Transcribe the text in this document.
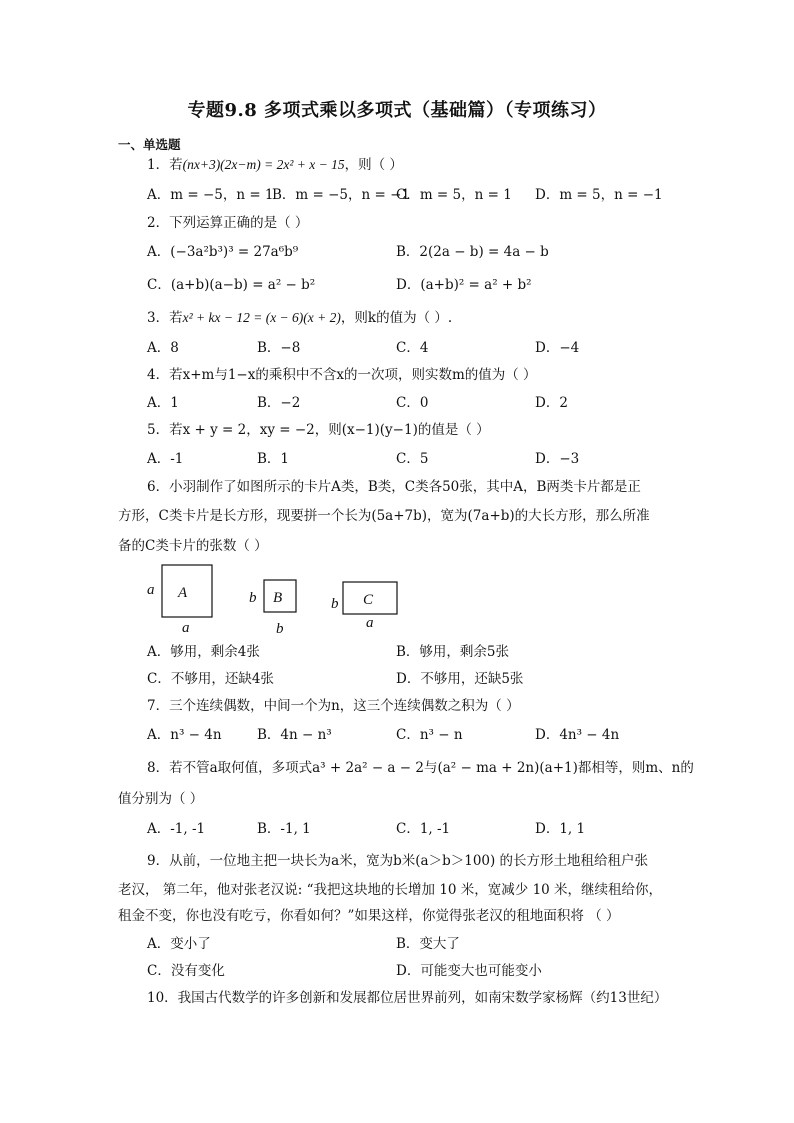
专题9.8 多项式乘以多项式（基础篇）（专项练习）
一、单选题
1．若(nx+3)(2x−m) = 2x² + x − 15，则（ ）
A．m = −5，n = 1
B．m = −5，n = −1
C．m = 5，n = 1 D．m = 5，n = −1
2．下列运算正确的是（ ）
A．(−3a²b³)³ = 27a⁶b⁹	B．2(2a − b) = 4a − b
C．(a+b)(a−b) = a² − b²	D．(a+b)² = a² + b²
3．若x² + kx − 12 = (x − 6)(x + 2)，则k的值为（ ）.
A．8	B．−8	C．4	D．−4
4．若x+m与1−x的乘积中不含x的一次项，则实数m的值为（ ）
A．1	B．−2	C．0	D．2
5．若x + y = 2，xy = −2，则(x−1)(y−1)的值是（ ）
A．-1	B．1	C．5	D．−3
6．小羽制作了如图所示的卡片A类，B类，C类各50张，其中A，B两类卡片都是正
方形，C类卡片是长方形，现要拼一个长为(5a+7b)，宽为(7a+b)的大长方形，那么所准
备的C类卡片的张数（ ）
A
a
a
B
b
b
C
b
a
A．够用，剩余4张	B．够用，剩余5张
C．不够用，还缺4张	D．不够用，还缺5张
7．三个连续偶数，中间一个为n，这三个连续偶数之积为（ ）
A．n³ − 4n	B．4n − n³	C．n³ − n	D．4n³ − 4n
8．若不管a取何值，多项式a³ + 2a² − a − 2与(a² − ma + 2n)(a+1)都相等，则m、n的
值分别为（ ）
A．-1, -1	B．-1, 1	C．1, -1	D．1, 1
9．从前，一位地主把一块长为a米，宽为b米(a＞b＞100) 的长方形土地租给租户张
老汉， 第二年，他对张老汉说: “我把这块地的长增加 10 米，宽减少 10 米，继续租给你，
租金不变，你也没有吃亏，你看如何？”如果这样，你觉得张老汉的租地面积将 （ ）
A．变小了	B．变大了
C．没有变化	D．可能变大也可能变小
10．我国古代数学的许多创新和发展都位居世界前列，如南宋数学家杨辉（约13世纪）
